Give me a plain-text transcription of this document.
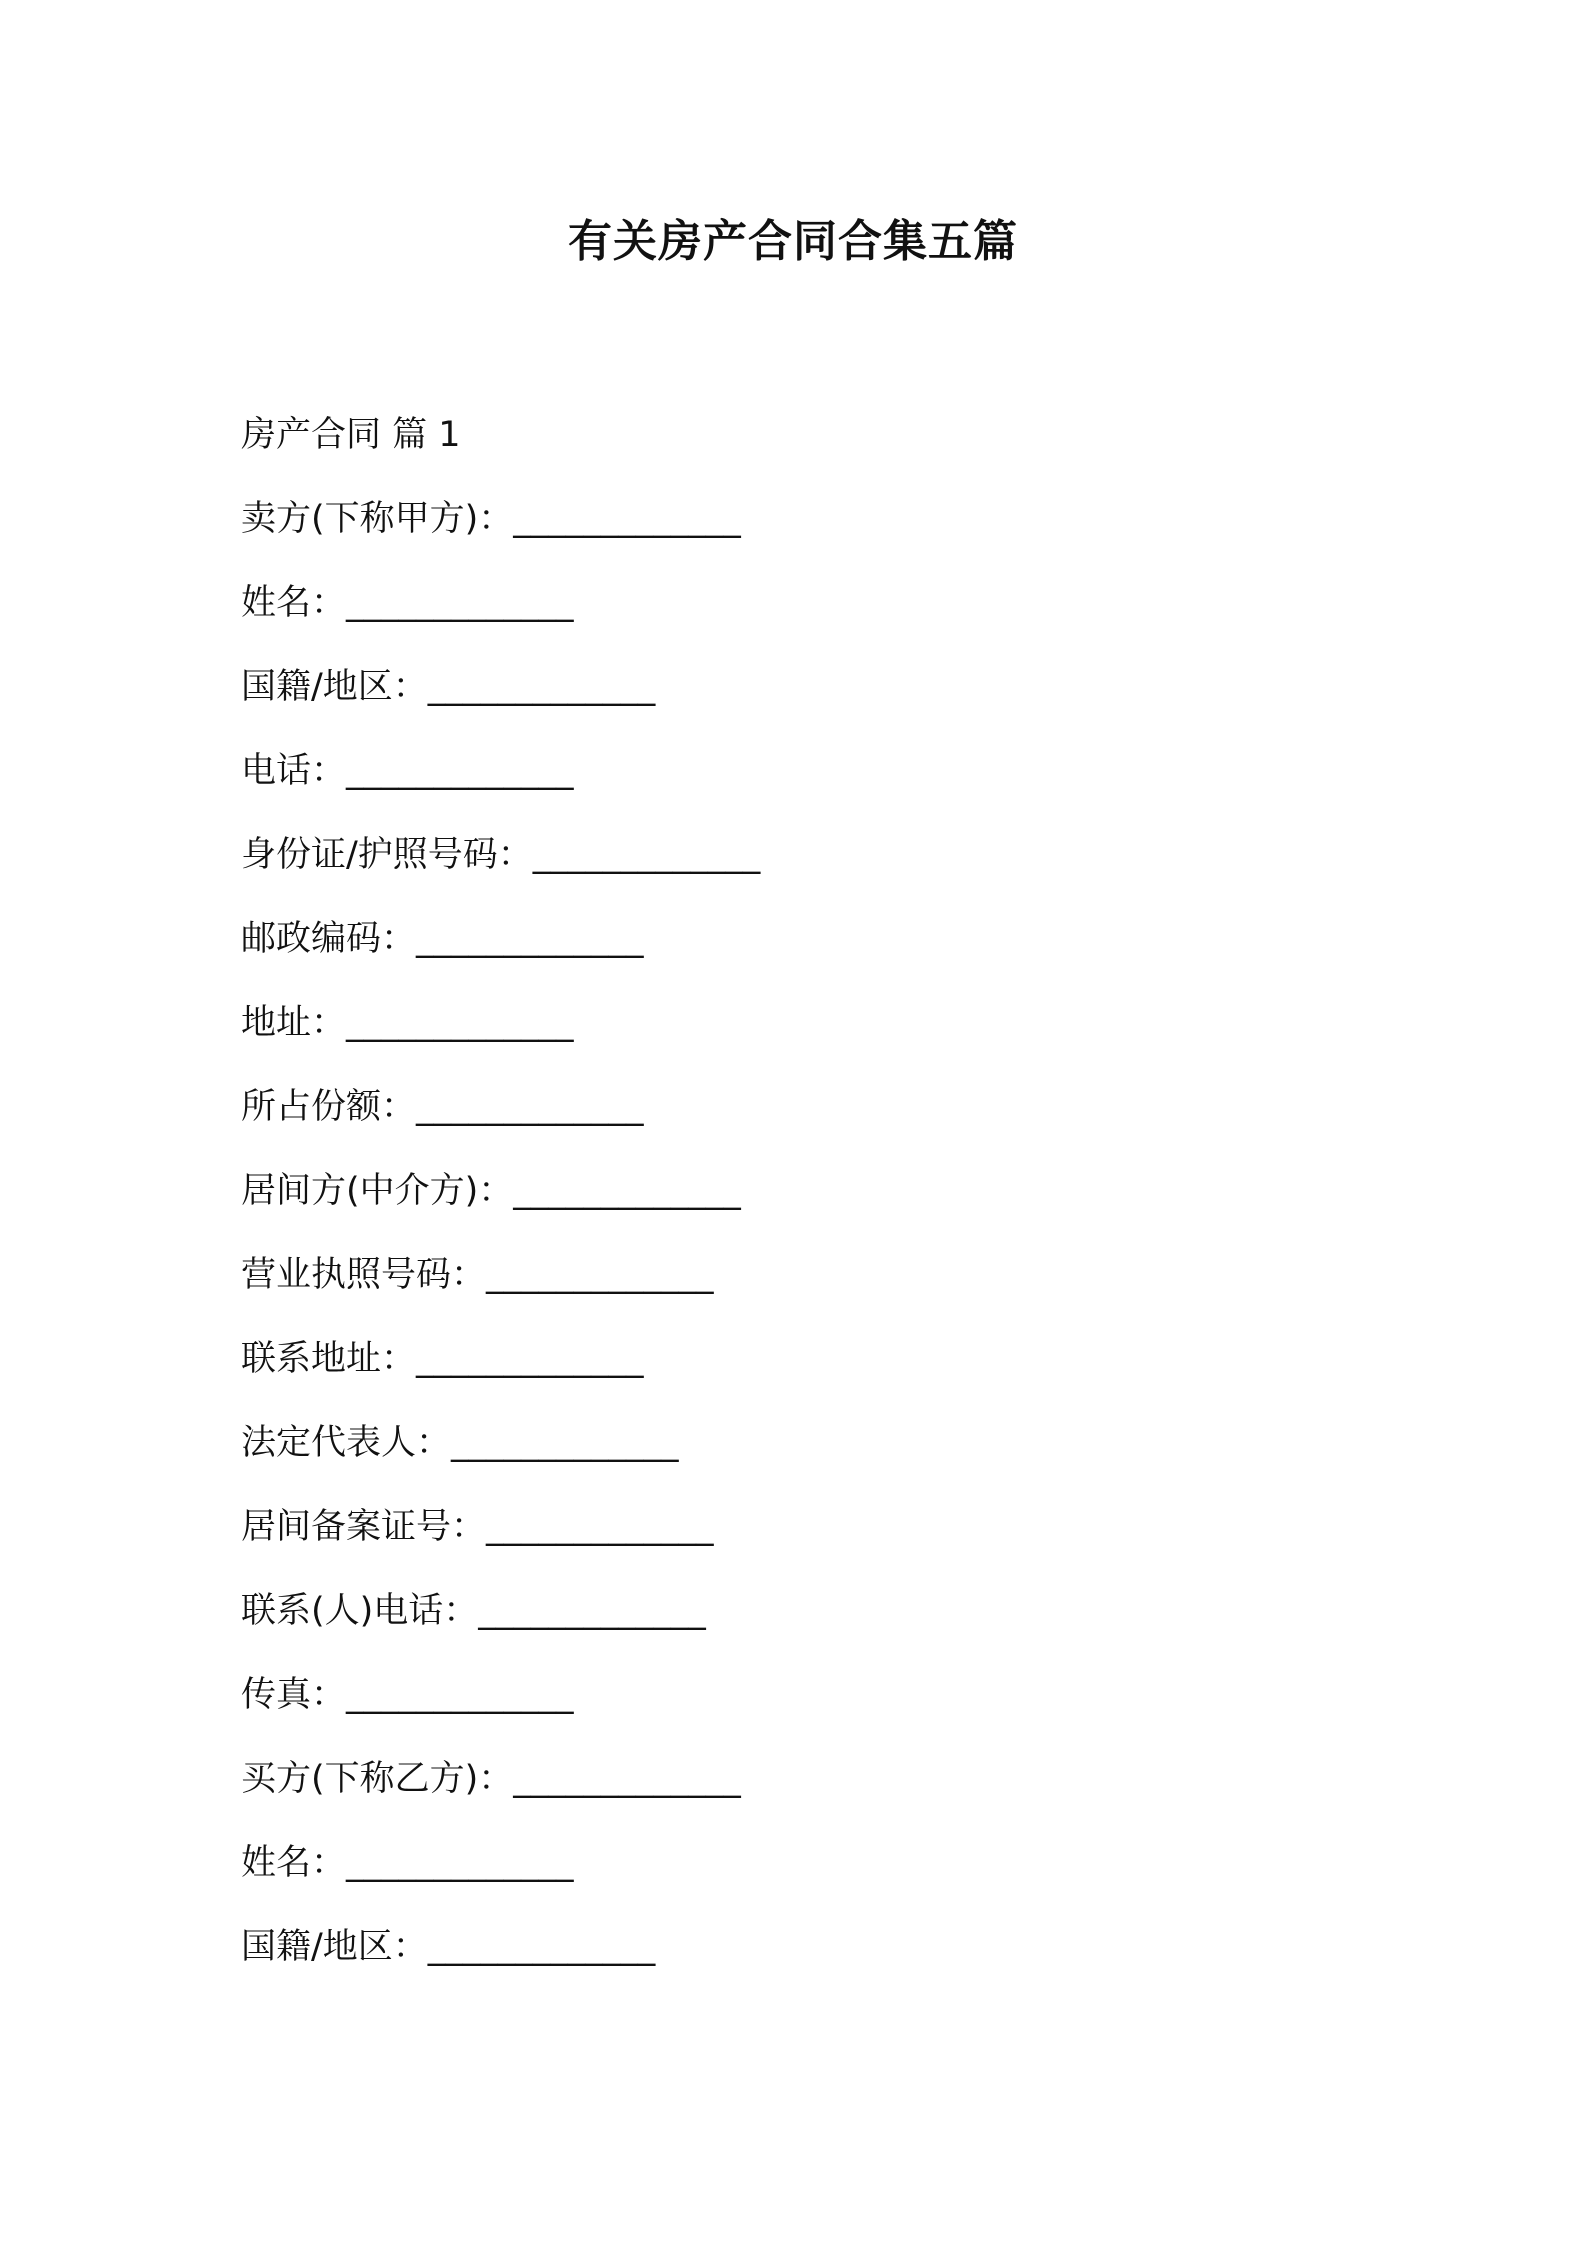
有关房产合同合集五篇
房产合同 篇 1
卖方(下称甲方)：_____________
姓名：_____________
国籍/地区：_____________
电话：_____________
身份证/护照号码：_____________
邮政编码：_____________
地址：_____________
所占份额：_____________
居间方(中介方)：_____________
营业执照号码：_____________
联系地址：_____________
法定代表人：_____________
居间备案证号：_____________
联系(人)电话：_____________
传真：_____________
买方(下称乙方)：_____________
姓名：_____________
国籍/地区：_____________
